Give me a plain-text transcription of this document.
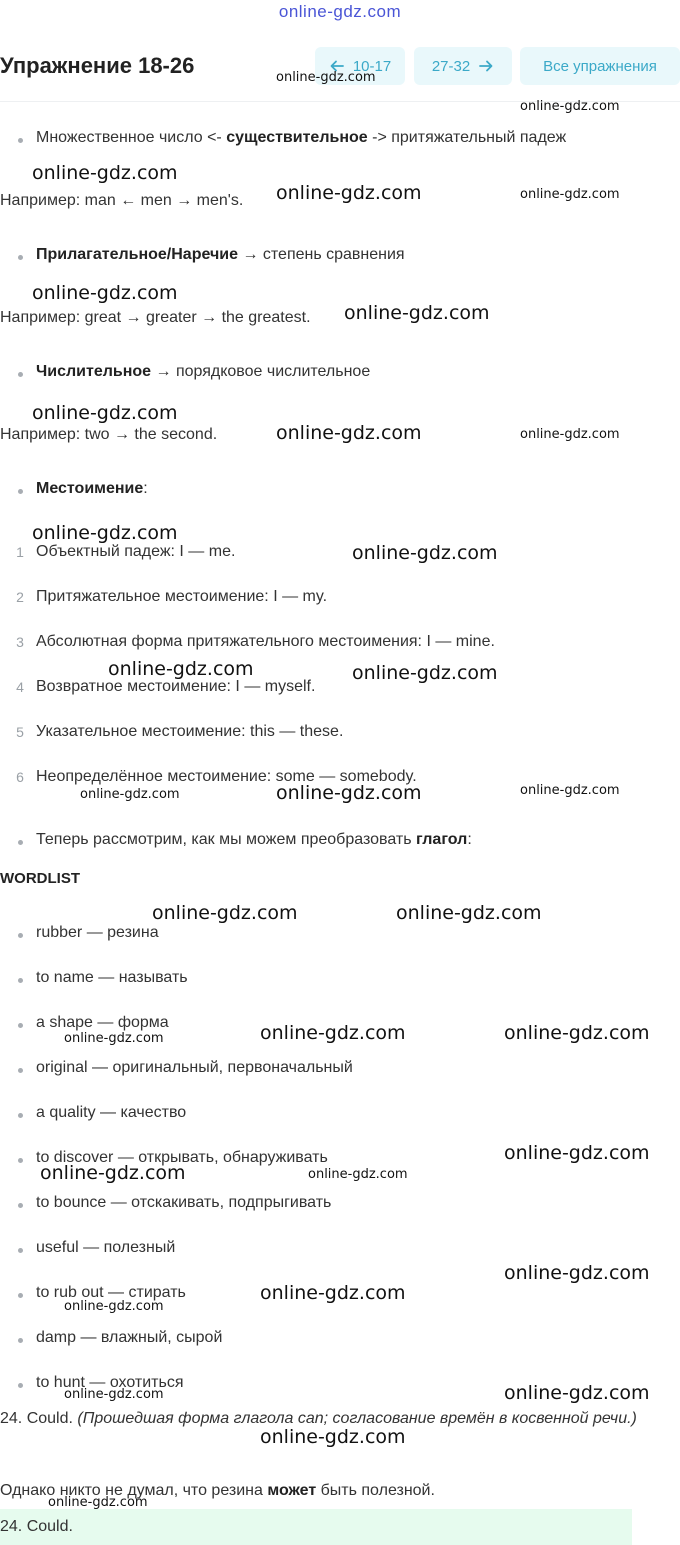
online-gdz.com
Упражнение 18-26	10-17	27-32	Все упражнения
Множественное число <- существительное -> притяжательный падеж
Например: man ← men → men's.
Прилагательное/Наречие → степень сравнения
Например: great → greater → the greatest.
Числительное → порядковое числительное
Например: two → the second.
Местоимение:
1 Объектный падеж: I — me.
2 Притяжательное местоимение: I — my.
3 Абсолютная форма притяжательного местоимения: I — mine.
4 Возвратное местоимение: I — myself.
5 Указательное местоимение: this — these.
6 Неопределённое местоимение: some — somebody.
Теперь рассмотрим, как мы можем преобразовать глагол:
WORDLIST
rubber — резина
to name — называть
a shape — форма
original — оригинальный, первоначальный
a quality — качество
to discover — открывать, обнаруживать
to bounce — отскакивать, подпрыгивать
useful — полезный
to rub out — стирать
damp — влажный, сырой
to hunt — охотиться
24. Could. (Прошедшая форма глагола can; согласование времён в косвенной речи.)
Однако никто не думал, что резина может быть полезной.
24. Could.
online-gdz.com
online-gdz.com
online-gdz.com
online-gdz.com	online-gdz.com
online-gdz.com
online-gdz.com
online-gdz.com
online-gdz.com	online-gdz.com
online-gdz.com
online-gdz.com
online-gdz.com	online-gdz.com
online-gdz.com	online-gdz.com	online-gdz.com
online-gdz.com	online-gdz.com
online-gdz.com	online-gdz.com	online-gdz.com
online-gdz.com
online-gdz.com	online-gdz.com
online-gdz.com
online-gdz.com
online-gdz.com
online-gdz.com	online-gdz.com
online-gdz.com
online-gdz.com
